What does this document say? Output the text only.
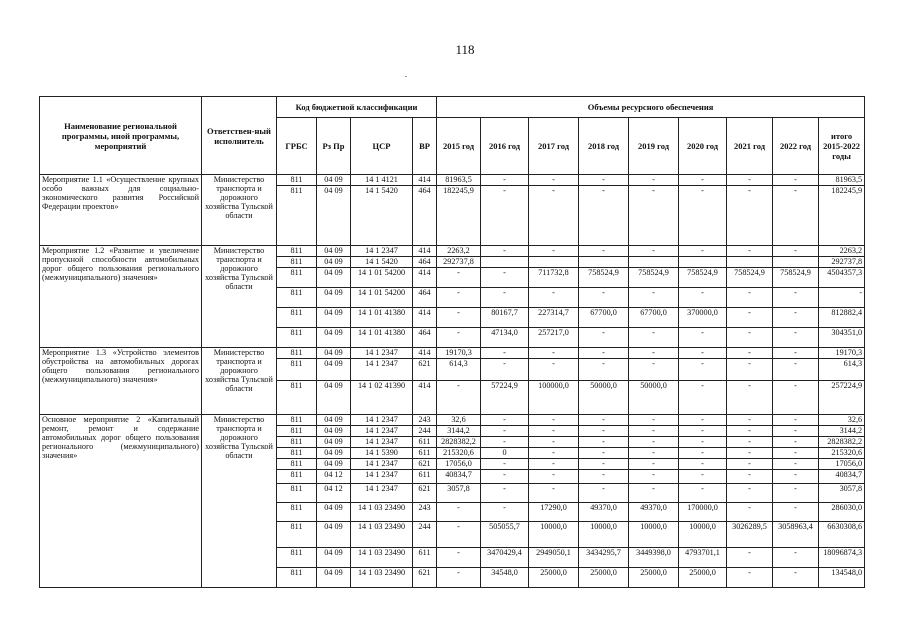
118
Наименование региональной программы, иной программы, мероприятий	Ответствен-ный исполнитель	Код бюджетной классификации				Объемы ресурсного обеспечения								
		ГРБС	Рз Пр	ЦСР	ВР	2015 год	2016 год	2017 год	2018 год	2019 год	2020 год	2021 год	2022 год	итого 2015-2022 годы
Мероприятие 1.1 «Осуществление крупных особо важных для социально-экономического развития Российской Федерации проектов»	Министерство транспорта и дорожного хозяйства Тульской области	811	04 09	14 1 4121	414	81963,5	-	-	-	-	-	-	-	81963,5
		811	04 09	14 1 5420	464	182245,9	-	-	-	-	-	-	-	182245,9
Мероприятие 1.2 «Развитие и увеличение пропускной способности автомобильных дорог общего пользования регионального (межмуниципального) значения»	Министерство транспорта и дорожного хозяйства Тульской области	811	04 09	14 1 2347	414	2263,2	-	-	-	-	-	-	-	2263,2
		811	04 09	14 1 5420	464	292737,8								292737,8
		811	04 09	14 1 01 54200	414	-	-	711732,8	758524,9	758524,9	758524,9	758524,9	758524,9	4504357,3
		811	04 09	14 1 01 54200	464	-	-	-	-	-	-	-	-	-
		811	04 09	14 1 01 41380	414	-	80167,7	227314,7	67700,0	67700,0	370000,0	-	-	812882,4
		811	04 09	14 1 01 41380	464	-	47134,0	257217,0	-	-	-	-	-	304351,0
Мероприятие 1.3 «Устройство элементов обустройства на автомобильных дорогах общего пользования регионального (межмуниципального) значения»	Министерство транспорта и дорожного хозяйства Тульской области	811	04 09	14 1 2347	414	19170,3	-	-	-	-	-	-	-	19170,3
		811	04 09	14 1 2347	621	614,3	-	-	-	-	-	-	-	614,3
		811	04 09	14 1 02 41390	414	-	57224,9	100000,0	50000,0	50000,0	-	-	-	257224,9
Основное мероприятие 2 «Капитальный ремонт, ремонт и содержание автомобильных дорог общего пользования регионального (межмуниципального) значения»	Министерство транспорта и дорожного хозяйства Тульской области	811	04 09	14 1 2347	243	32,6	-	-	-	-	-	-	-	32,6
		811	04 09	14 1 2347	244	3144,2	-	-	-	-	-	-	-	3144,2
		811	04 09	14 1 2347	611	2828382,2	-	-	-	-	-	-	-	2828382,2
		811	04 09	14 1 5390	611	215320,6	0	-	-	-	-	-	-	215320,6
		811	04 09	14 1 2347	621	17056,0	-	-	-	-	-	-	-	17056,0
		811	04 12	14 1 2347	611	40834,7	-	-	-	-	-	-	-	40834,7
		811	04 12	14 1 2347	621	3057,8	-	-	-	-	-	-	-	3057,8
		811	04 09	14 1 03 23490	243	-	-	17290,0	49370,0	49370,0	170000,0	-	-	286030,0
		811	04 09	14 1 03 23490	244	-	505055,7	10000,0	10000,0	10000,0	10000,0	3026289,5	3058963,4	6630308,6
		811	04 09	14 1 03 23490	611	-	3470429,4	2949050,1	3434295,7	3449398,0	4793701,1	-	-	18096874,3
		811	04 09	14 1 03 23490	621	-	34548,0	25000,0	25000,0	25000,0	25000,0	-	-	134548,0
